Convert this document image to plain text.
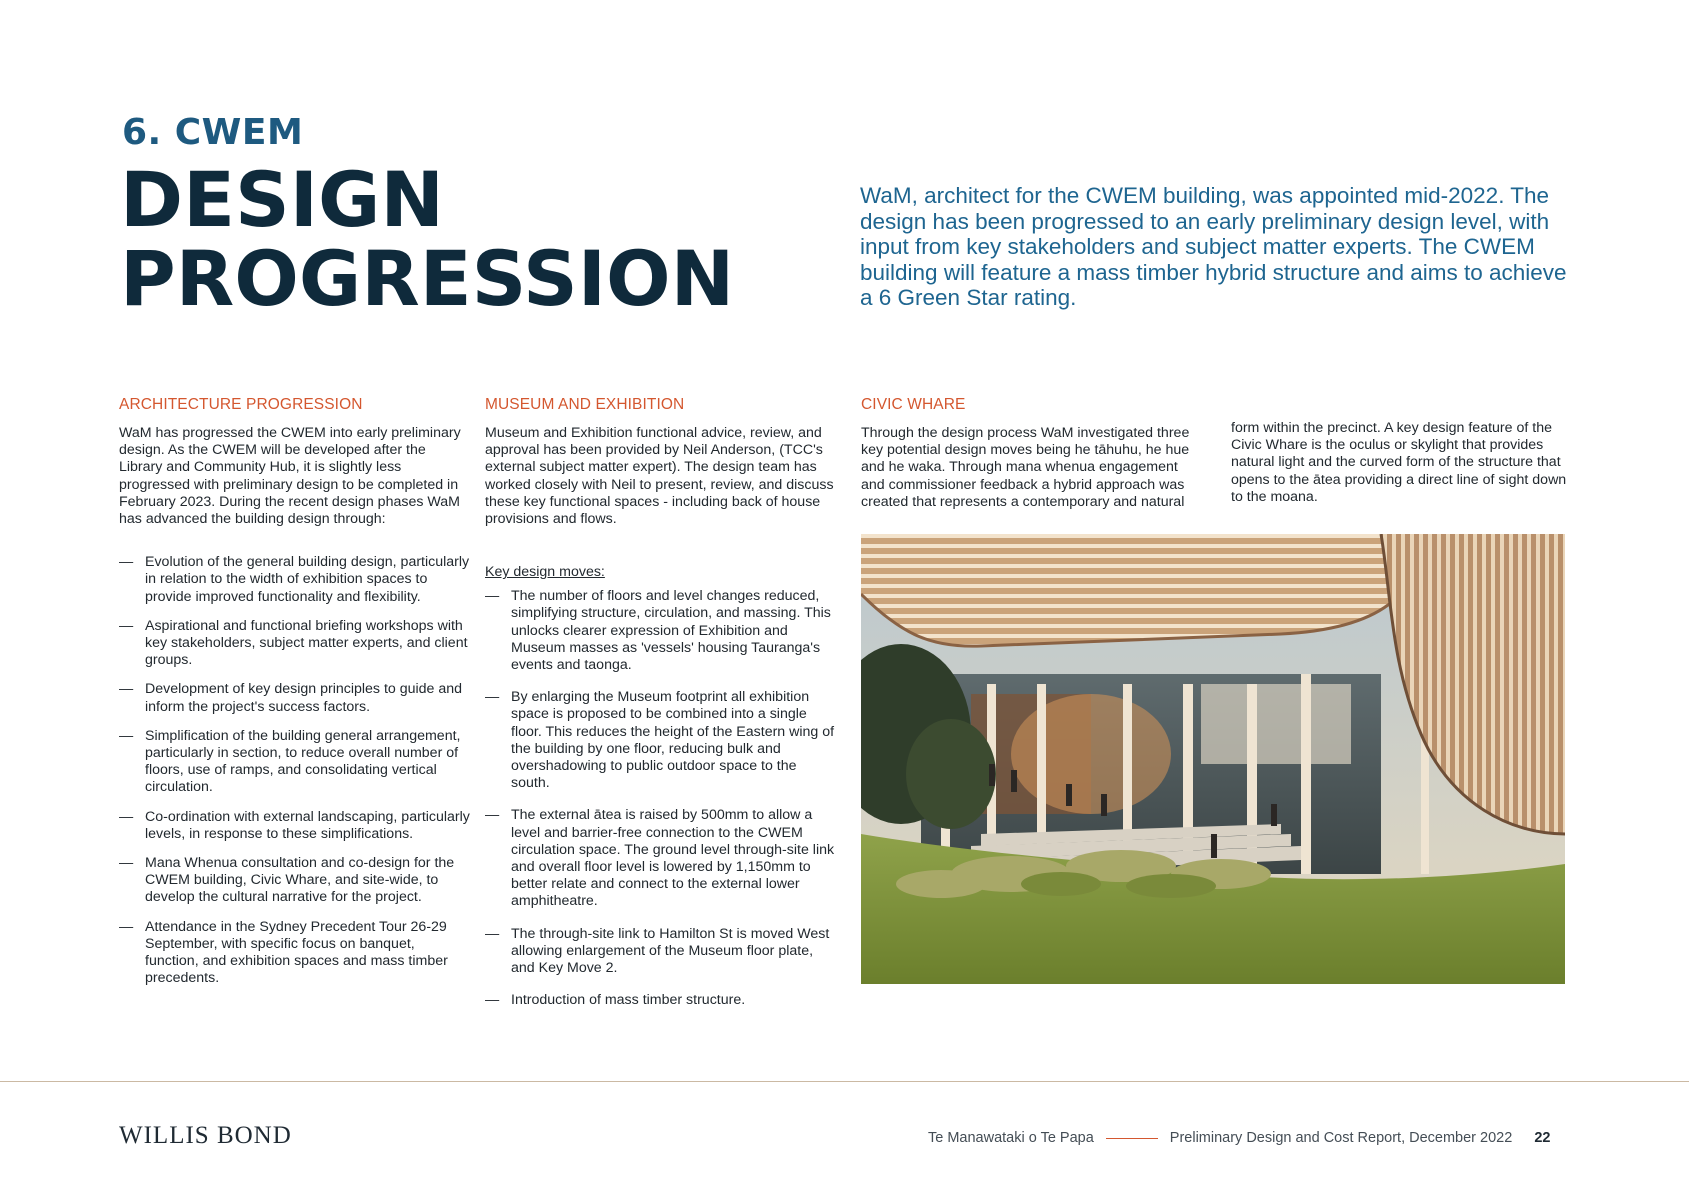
6. CWEM
DESIGN
PROGRESSION

WaM, architect for the CWEM building, was appointed mid-2022. The design has been progressed to an early preliminary design level, with input from key stakeholders and subject matter experts. The CWEM building will feature a mass timber hybrid structure and aims to achieve a 6 Green Star rating.

ARCHITECTURE PROGRESSION

WaM has progressed the CWEM into early preliminary design. As the CWEM will be developed after the Library and Community Hub, it is slightly less progressed with preliminary design to be completed in February 2023. During the recent design phases WaM has advanced the building design through:

— Evolution of the general building design, particularly in relation to the width of exhibition spaces to provide improved functionality and flexibility.
— Aspirational and functional briefing workshops with key stakeholders, subject matter experts, and client groups.
— Development of key design principles to guide and inform the project's success factors.
— Simplification of the building general arrangement, particularly in section, to reduce overall number of floors, use of ramps, and consolidating vertical circulation.
— Co-ordination with external landscaping, particularly levels, in response to these simplifications.
— Mana Whenua consultation and co-design for the CWEM building, Civic Whare, and site-wide, to develop the cultural narrative for the project.
— Attendance in the Sydney Precedent Tour 26-29 September, with specific focus on banquet, function, and exhibition spaces and mass timber precedents.
MUSEUM AND EXHIBITION

Museum and Exhibition functional advice, review, and approval has been provided by Neil Anderson, (TCC's external subject matter expert). The design team has worked closely with Neil to present, review, and discuss these key functional spaces - including back of house provisions and flows.

Key design moves:
— The number of floors and level changes reduced, simplifying structure, circulation, and massing. This unlocks clearer expression of Exhibition and Museum masses as 'vessels' housing Tauranga's events and taonga.
— By enlarging the Museum footprint all exhibition space is proposed to be combined into a single floor. This reduces the height of the Eastern wing of the building by one floor, reducing bulk and overshadowing to public outdoor space to the south.
— The external ātea is raised by 500mm to allow a level and barrier-free connection to the CWEM circulation space. The ground level through-site link and overall floor level is lowered by 1,150mm to better relate and connect to the external lower amphitheatre.
— The through-site link to Hamilton St is moved West allowing enlargement of the Museum floor plate, and Key Move 2.
— Introduction of mass timber structure.
CIVIC WHARE

Through the design process WaM investigated three key potential design moves being he tāhuhu, he hue and he waka. Through mana whenua engagement and commissioner feedback a hybrid approach was created that represents a contemporary and natural

form within the precinct. A key design feature of the Civic Whare is the oculus or skylight that provides natural light and the curved form of the structure that opens to the ātea providing a direct line of sight down to the moana.

WILLIS BOND	Te Manawataki o Te Papa	Preliminary Design and Cost Report, December 2022 22
